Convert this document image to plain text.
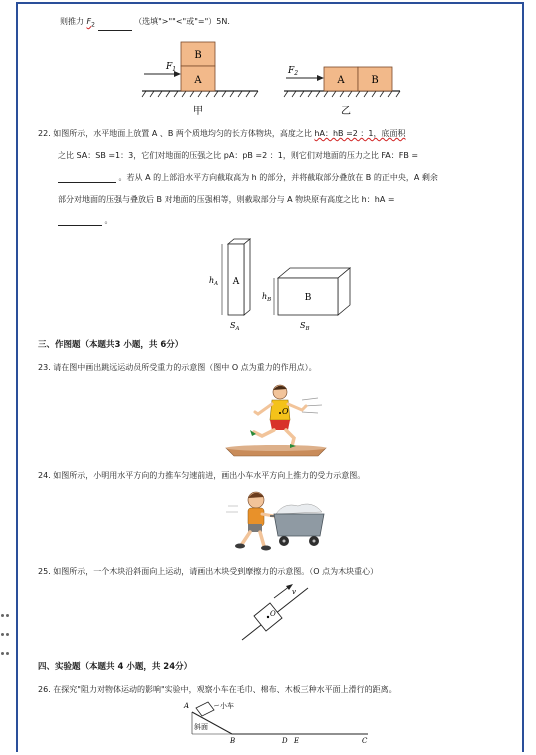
则推力 $F_2$	（选填">""<"或"="）5N.
B
A
$F_1$
甲
A	B
$F_2$
乙
22. 如图所示，水平地面上放置 A 、B 两个质地均匀的长方体物块，高度之比 hA：hB =2 ：1，底面积
之比 SA：SB =1：3，它们对地面的压强之比 pA：pB =2 ：1，则它们对地面的压力之比 FA：FB =
。若从 A 的上部沿水平方向截取高为 h 的部分，并将截取部分叠放在 B 的正中央，A 剩余
部分对地面的压强与叠放后 B 对地面的压强相等，则截取部分与 A 物块原有高度之比 h：hA =
。
A
$h_A$
$S_A$
B
$h_B$
$S_B$
三、作图题（本题共3 小题，共 6分）
23. 请在图中画出跳远运动员所受重力的示意图（图中 O 点为重力的作用点）。
O
24. 如图所示，小明用水平方向的力推车匀速前进，画出小车水平方向上推力的受力示意图。
25. 如图所示，一个木块沿斜面向上运动，请画出木块受到摩擦力的示意图。（O 点为木块重心）
O
v
四、实验题（本题共 4 小题，共 24分）
26. 在探究"阻力对物体运动的影响"实验中，观察小车在毛巾、棉布、木板三种水平面上滑行的距离。
A	小车
斜面
B	D E	C
